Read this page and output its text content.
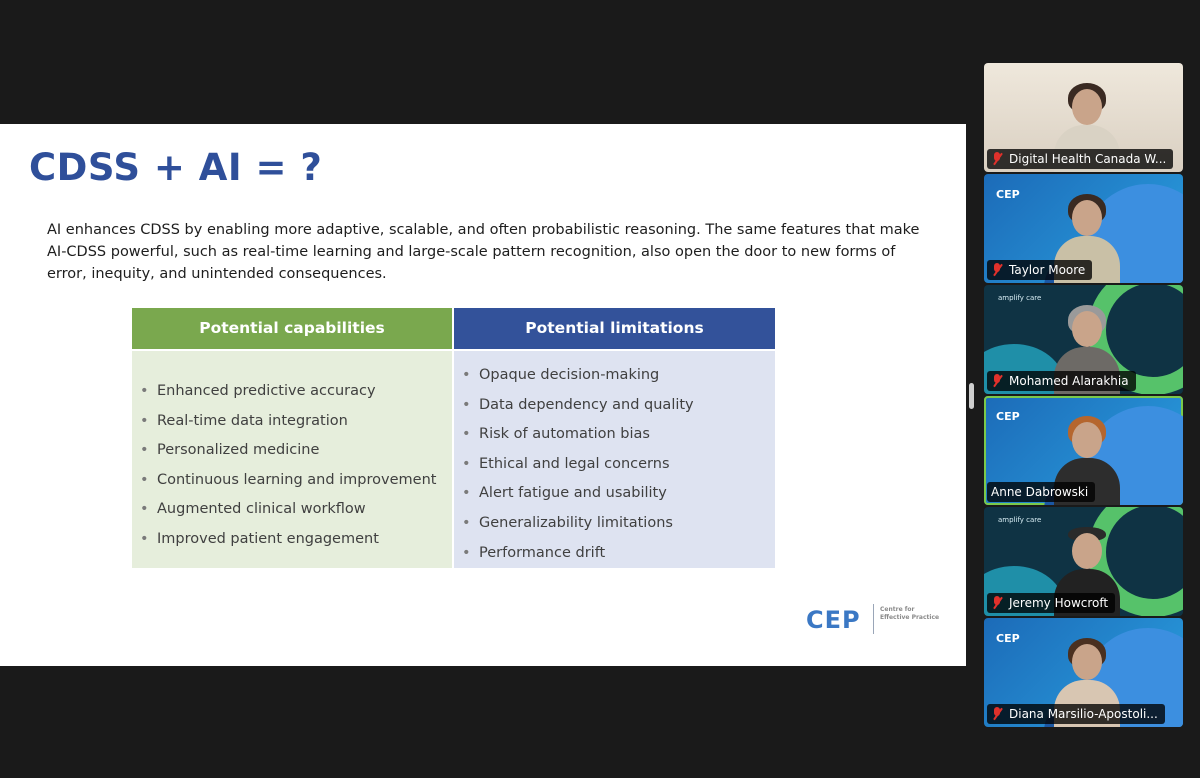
CDSS + AI = ?

AI enhances CDSS by enabling more adaptive, scalable, and often probabilistic reasoning. The same features that make AI-CDSS powerful, such as real-time learning and large-scale pattern recognition, also open the door to new forms of error, inequity, and unintended consequences.

Potential capabilities
• Enhanced predictive accuracy
• Real-time data integration
• Personalized medicine
• Continuous learning and improvement
• Augmented clinical workflow
• Improved patient engagement
Potential limitations
• Opaque decision-making
• Data dependency and quality
• Risk of automation bias
• Ethical and legal concerns
• Alert fatigue and usability
• Generalizability limitations
• Performance drift
CEP	Centre for Effective Practice
Digital Health Canada W...
CEP
Taylor Moore
amplify care
Mohamed Alarakhia
CEP
Anne Dabrowski
amplify care
Jeremy Howcroft
CEP
Diana Marsilio-Apostoli...
